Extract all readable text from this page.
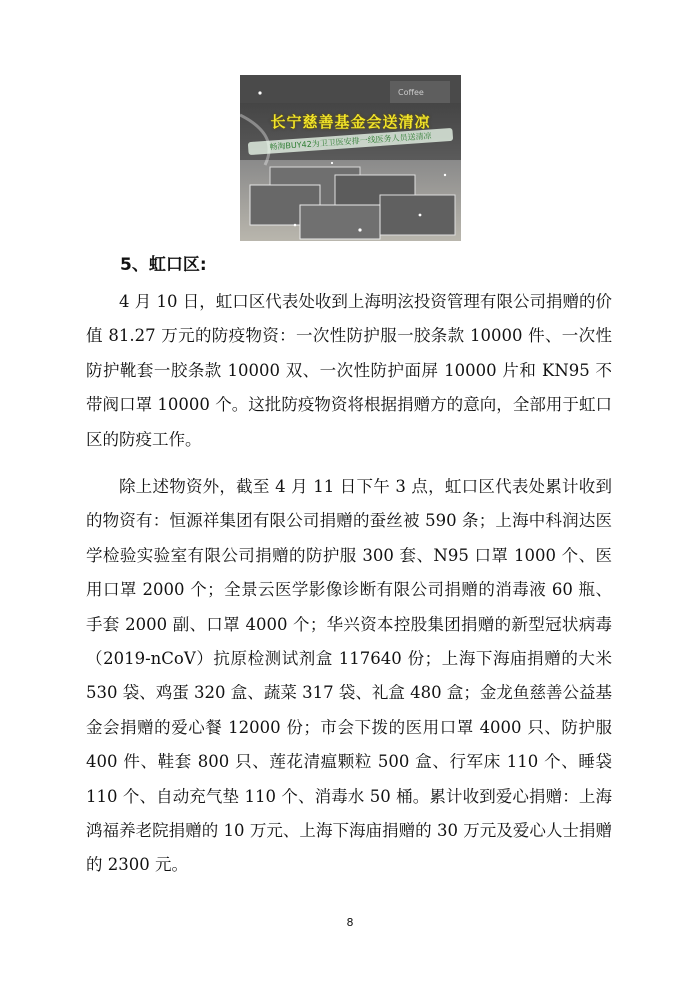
Coffee
长宁慈善基金会送清凉
畅淘BUY42为卫卫医安排一线医务人员送清凉
5、虹口区:

4 月 10 日，虹口区代表处收到上海明泫投资管理有限公司捐赠的价值 81.27 万元的防疫物资：一次性防护服一胶条款 10000 件、一次性防护靴套一胶条款 10000 双、一次性防护面屏 10000 片和 KN95 不带阀口罩 10000 个。这批防疫物资将根据捐赠方的意向，全部用于虹口区的防疫工作。

除上述物资外，截至 4 月 11 日下午 3 点，虹口区代表处累计收到的物资有：恒源祥集团有限公司捐赠的蚕丝被 590 条；上海中科润达医学检验实验室有限公司捐赠的防护服 300 套、N95 口罩 1000 个、医用口罩 2000 个；全景云医学影像诊断有限公司捐赠的消毒液 60 瓶、手套 2000 副、口罩 4000 个；华兴资本控股集团捐赠的新型冠状病毒（2019-nCoV）抗原检测试剂盒 117640 份；上海下海庙捐赠的大米 530 袋、鸡蛋 320 盒、蔬菜 317 袋、礼盒 480 盒；金龙鱼慈善公益基金会捐赠的爱心餐 12000 份；市会下拨的医用口罩 4000 只、防护服 400 件、鞋套 800 只、莲花清瘟颗粒 500 盒、行军床 110 个、睡袋 110 个、自动充气垫 110 个、消毒水 50 桶。累计收到爱心捐赠：上海鸿福养老院捐赠的 10 万元、上海下海庙捐赠的 30 万元及爱心人士捐赠的 2300 元。

8
